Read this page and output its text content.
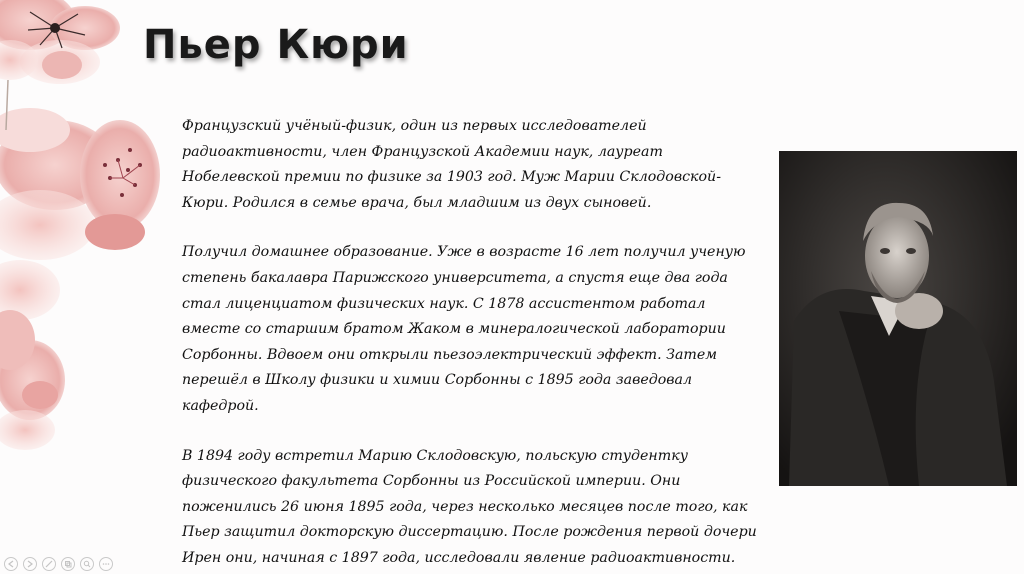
Пьер Кюри

Французский учёный-физик, один из первых исследователей радиоактивности, член Французской Академии наук, лауреат Нобелевской премии по физике за 1903 год. Муж Марии Склодовской-Кюри. Родился в семье врача, был младшим из двух сыновей.

Получил домашнее образование. Уже в возрасте 16 лет получил ученую степень бакалавра Парижского университета, а спустя еще два года стал лиценциатом физических наук. С 1878 ассистентом работал вместе со старшим братом Жаком в минералогической лаборатории Сорбонны. Вдвоем они открыли пьезоэлектрический эффект. Затем перешёл в Школу физики и химии Сорбонны с 1895 года заведовал кафедрой.

В 1894 году встретил Марию Склодовскую, польскую студентку физического факультета Сорбонны из Российской империи. Они поженились 26 июня 1895 года, через несколько месяцев после того, как Пьер защитил докторскую диссертацию. После рождения первой дочери Ирен они, начиная с 1897 года, исследовали явление радиоактивности.
